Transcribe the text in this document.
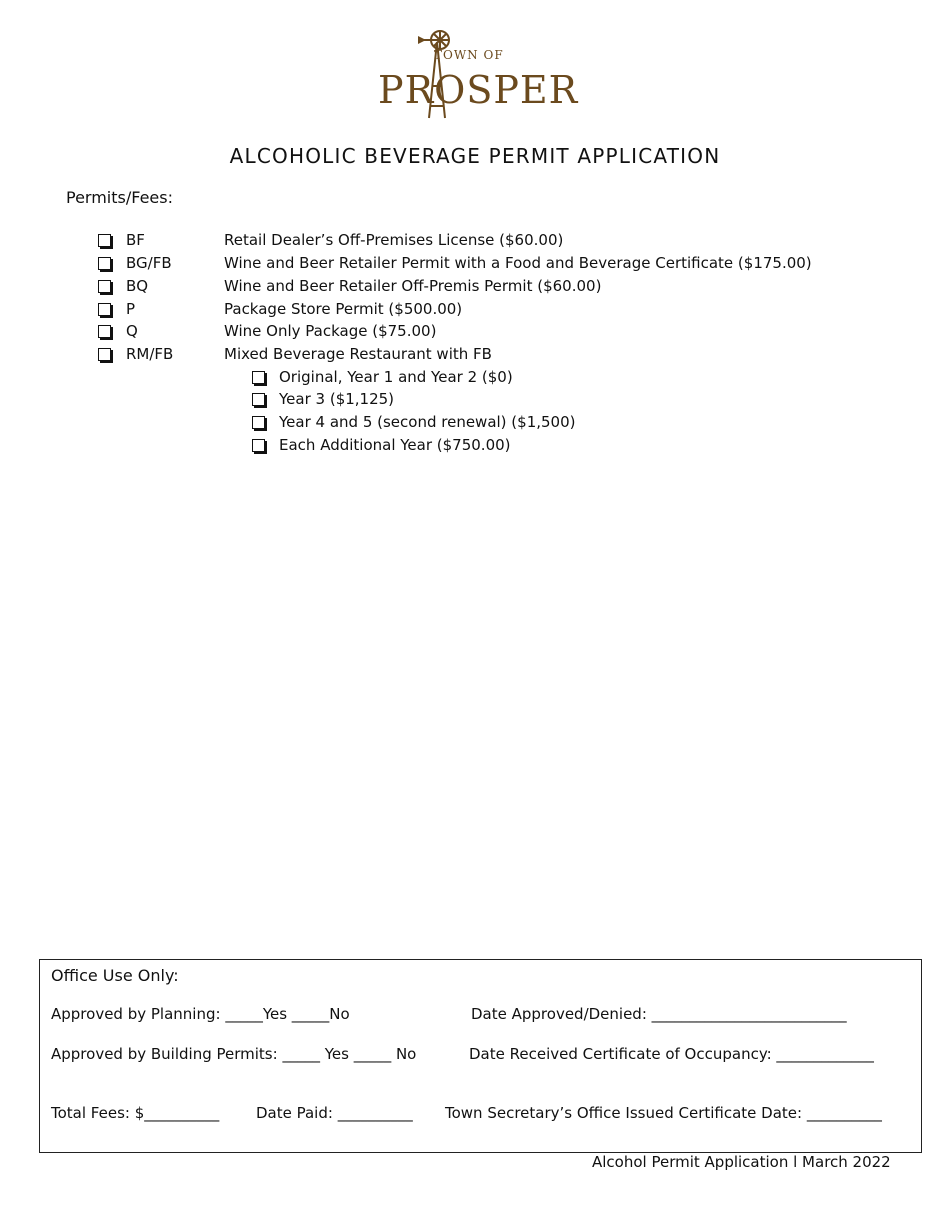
TOWN OF
PROSPER
ALCOHOLIC BEVERAGE PERMIT APPLICATION
Permits/Fees:
BF	Retail Dealer’s Off-Premises License ($60.00)
BG/FB	Wine and Beer Retailer Permit with a Food and Beverage Certificate ($175.00)
BQ	Wine and Beer Retailer Off-Premis Permit ($60.00)
P	Package Store Permit ($500.00)
Q	Wine Only Package ($75.00)
RM/FB	Mixed Beverage Restaurant with FB
Original, Year 1 and Year 2 ($0)
Year 3 ($1,125)
Year 4 and 5 (second renewal) ($1,500)
Each Additional Year ($750.00)
Office Use Only:
Approved by Planning: _____Yes _____No	Date Approved/Denied: __________________________
Approved by Building Permits: _____ Yes _____ No	Date Received Certificate of Occupancy: _____________
Total Fees: $__________ Date Paid: __________ Town Secretary’s Office Issued Certificate Date: __________
Alcohol Permit Application l March 2022
